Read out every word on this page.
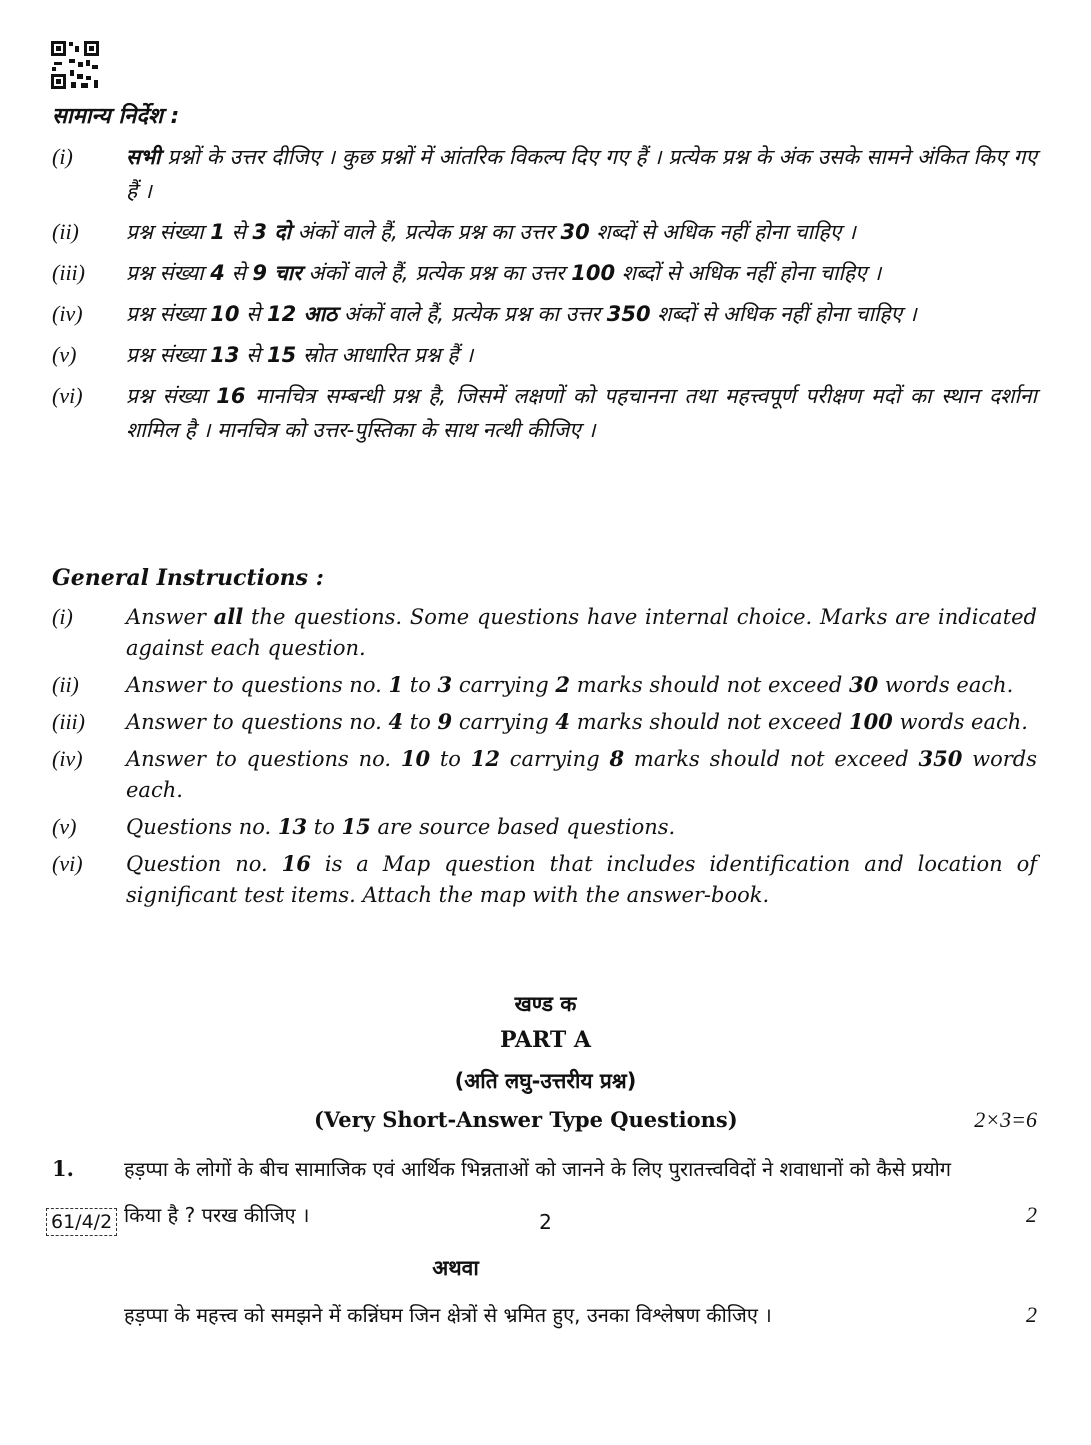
सामान्य निर्देश :
(i)	सभी प्रश्नों के उत्तर दीजिए । कुछ प्रश्नों में आंतरिक विकल्प दिए गए हैं । प्रत्येक प्रश्न के अंक उसके सामने अंकित किए गए हैं ।
(ii)	प्रश्न संख्या 1 से 3 दो अंकों वाले हैं, प्रत्येक प्रश्न का उत्तर 30 शब्दों से अधिक नहीं होना चाहिए ।
(iii)	प्रश्न संख्या 4 से 9 चार अंकों वाले हैं, प्रत्येक प्रश्न का उत्तर 100 शब्दों से अधिक नहीं होना चाहिए ।
(iv)	प्रश्न संख्या 10 से 12 आठ अंकों वाले हैं, प्रत्येक प्रश्न का उत्तर 350 शब्दों से अधिक नहीं होना चाहिए ।
(v)	प्रश्न संख्या 13 से 15 स्रोत आधारित प्रश्न हैं ।
(vi)	प्रश्न संख्या 16 मानचित्र सम्बन्धी प्रश्न है, जिसमें लक्षणों को पहचानना तथा महत्त्वपूर्ण परीक्षण मदों का स्थान दर्शाना शामिल है । मानचित्र को उत्तर-पुस्तिका के साथ नत्थी कीजिए ।
General Instructions :
(i)	Answer all the questions. Some questions have internal choice. Marks are indicated against each question.
(ii)	Answer to questions no. 1 to 3 carrying 2 marks should not exceed 30 words each.
(iii)	Answer to questions no. 4 to 9 carrying 4 marks should not exceed 100 words each.
(iv)	Answer to questions no. 10 to 12 carrying 8 marks should not exceed 350 words each.
(v)	Questions no. 13 to 15 are source based questions.
(vi)	Question no. 16 is a Map question that includes identification and location of significant test items. Attach the map with the answer-book.
खण्ड क
PART A
(अति लघु-उत्तरीय प्रश्न)
(Very Short-Answer Type Questions)	2×3=6
1.	हड़प्पा के लोगों के बीच सामाजिक एवं आर्थिक भिन्नताओं को जानने के लिए पुरातत्त्वविदों ने शवाधानों को कैसे प्रयोग किया है ? परख कीजिए ।	2
अथवा
हड़प्पा के महत्त्व को समझने में कन्निंघम जिन क्षेत्रों से भ्रमित हुए, उनका विश्लेषण कीजिए ।	2
61/4/2	2
